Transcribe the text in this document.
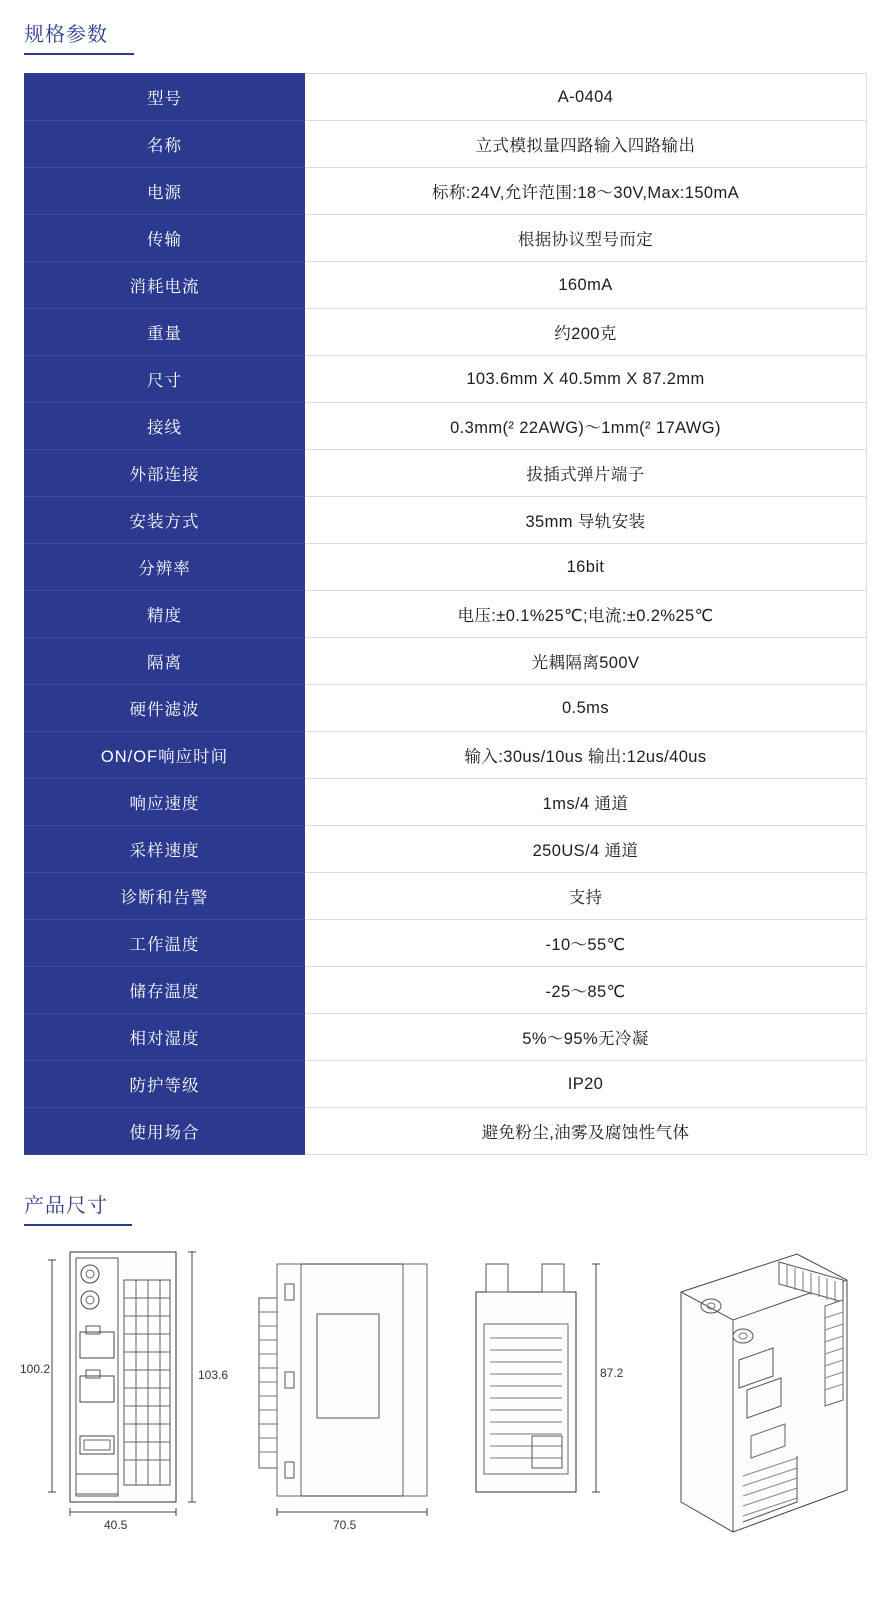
规格参数
型号	A-0404
名称	立式模拟量四路输入四路输出
电源	标称:24V,允许范围:18～30V,Max:150mA
传输	根据协议型号而定
消耗电流	160mA
重量	约200克
尺寸	103.6mm X 40.5mm X 87.2mm
接线	0.3mm(² 22AWG)～1mm(² 17AWG)
外部连接	拔插式弹片端子
安装方式	35mm 导轨安装
分辨率	16bit
精度	电压:±0.1%25℃;电流:±0.2%25℃
隔离	光耦隔离500V
硬件滤波	0.5ms
ON/OF响应时间	输入:30us/10us 输出:12us/40us
响应速度	1ms/4 通道
采样速度	250US/4 通道
诊断和告警	支持
工作温度	-10～55℃
储存温度	-25～85℃
相对湿度	5%～95%无冷凝
防护等级	IP20
使用场合	避免粉尘,油雾及腐蚀性气体
产品尺寸
100.2	103.6
40.5	70.5
87.2
